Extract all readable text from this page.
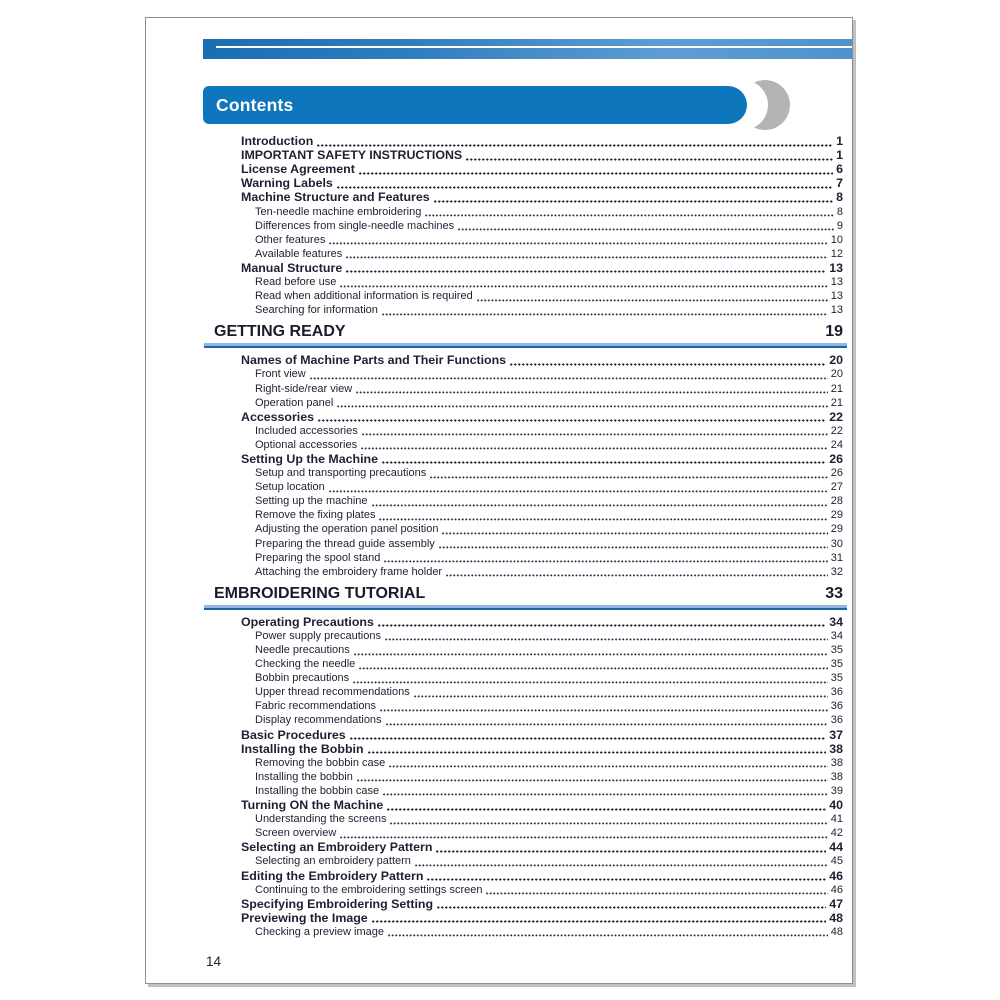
Contents
Introduction	1
IMPORTANT SAFETY INSTRUCTIONS	1
License Agreement	6
Warning Labels	7
Machine Structure and Features	8
Ten-needle machine embroidering	8
Differences from single-needle machines	9
Other features	10
Available features	12
Manual Structure	13
Read before use	13
Read when additional information is required	13
Searching for information	13
GETTING READY	19
Names of Machine Parts and Their Functions	20
Front view	20
Right-side/rear view	21
Operation panel	21
Accessories	22
Included accessories	22
Optional accessories	24
Setting Up the Machine	26
Setup and transporting precautions	26
Setup location	27
Setting up the machine	28
Remove the fixing plates	29
Adjusting the operation panel position	29
Preparing the thread guide assembly	30
Preparing the spool stand	31
Attaching the embroidery frame holder	32
EMBROIDERING TUTORIAL	33
Operating Precautions	34
Power supply precautions	34
Needle precautions	35
Checking the needle	35
Bobbin precautions	35
Upper thread recommendations	36
Fabric recommendations	36
Display recommendations	36
Basic Procedures	37
Installing the Bobbin	38
Removing the bobbin case	38
Installing the bobbin	38
Installing the bobbin case	39
Turning ON the Machine	40
Understanding the screens	41
Screen overview	42
Selecting an Embroidery Pattern	44
Selecting an embroidery pattern	45
Editing the Embroidery Pattern	46
Continuing to the embroidering settings screen	46
Specifying Embroidering Setting	47
Previewing the Image	48
Checking a preview image	48
14
